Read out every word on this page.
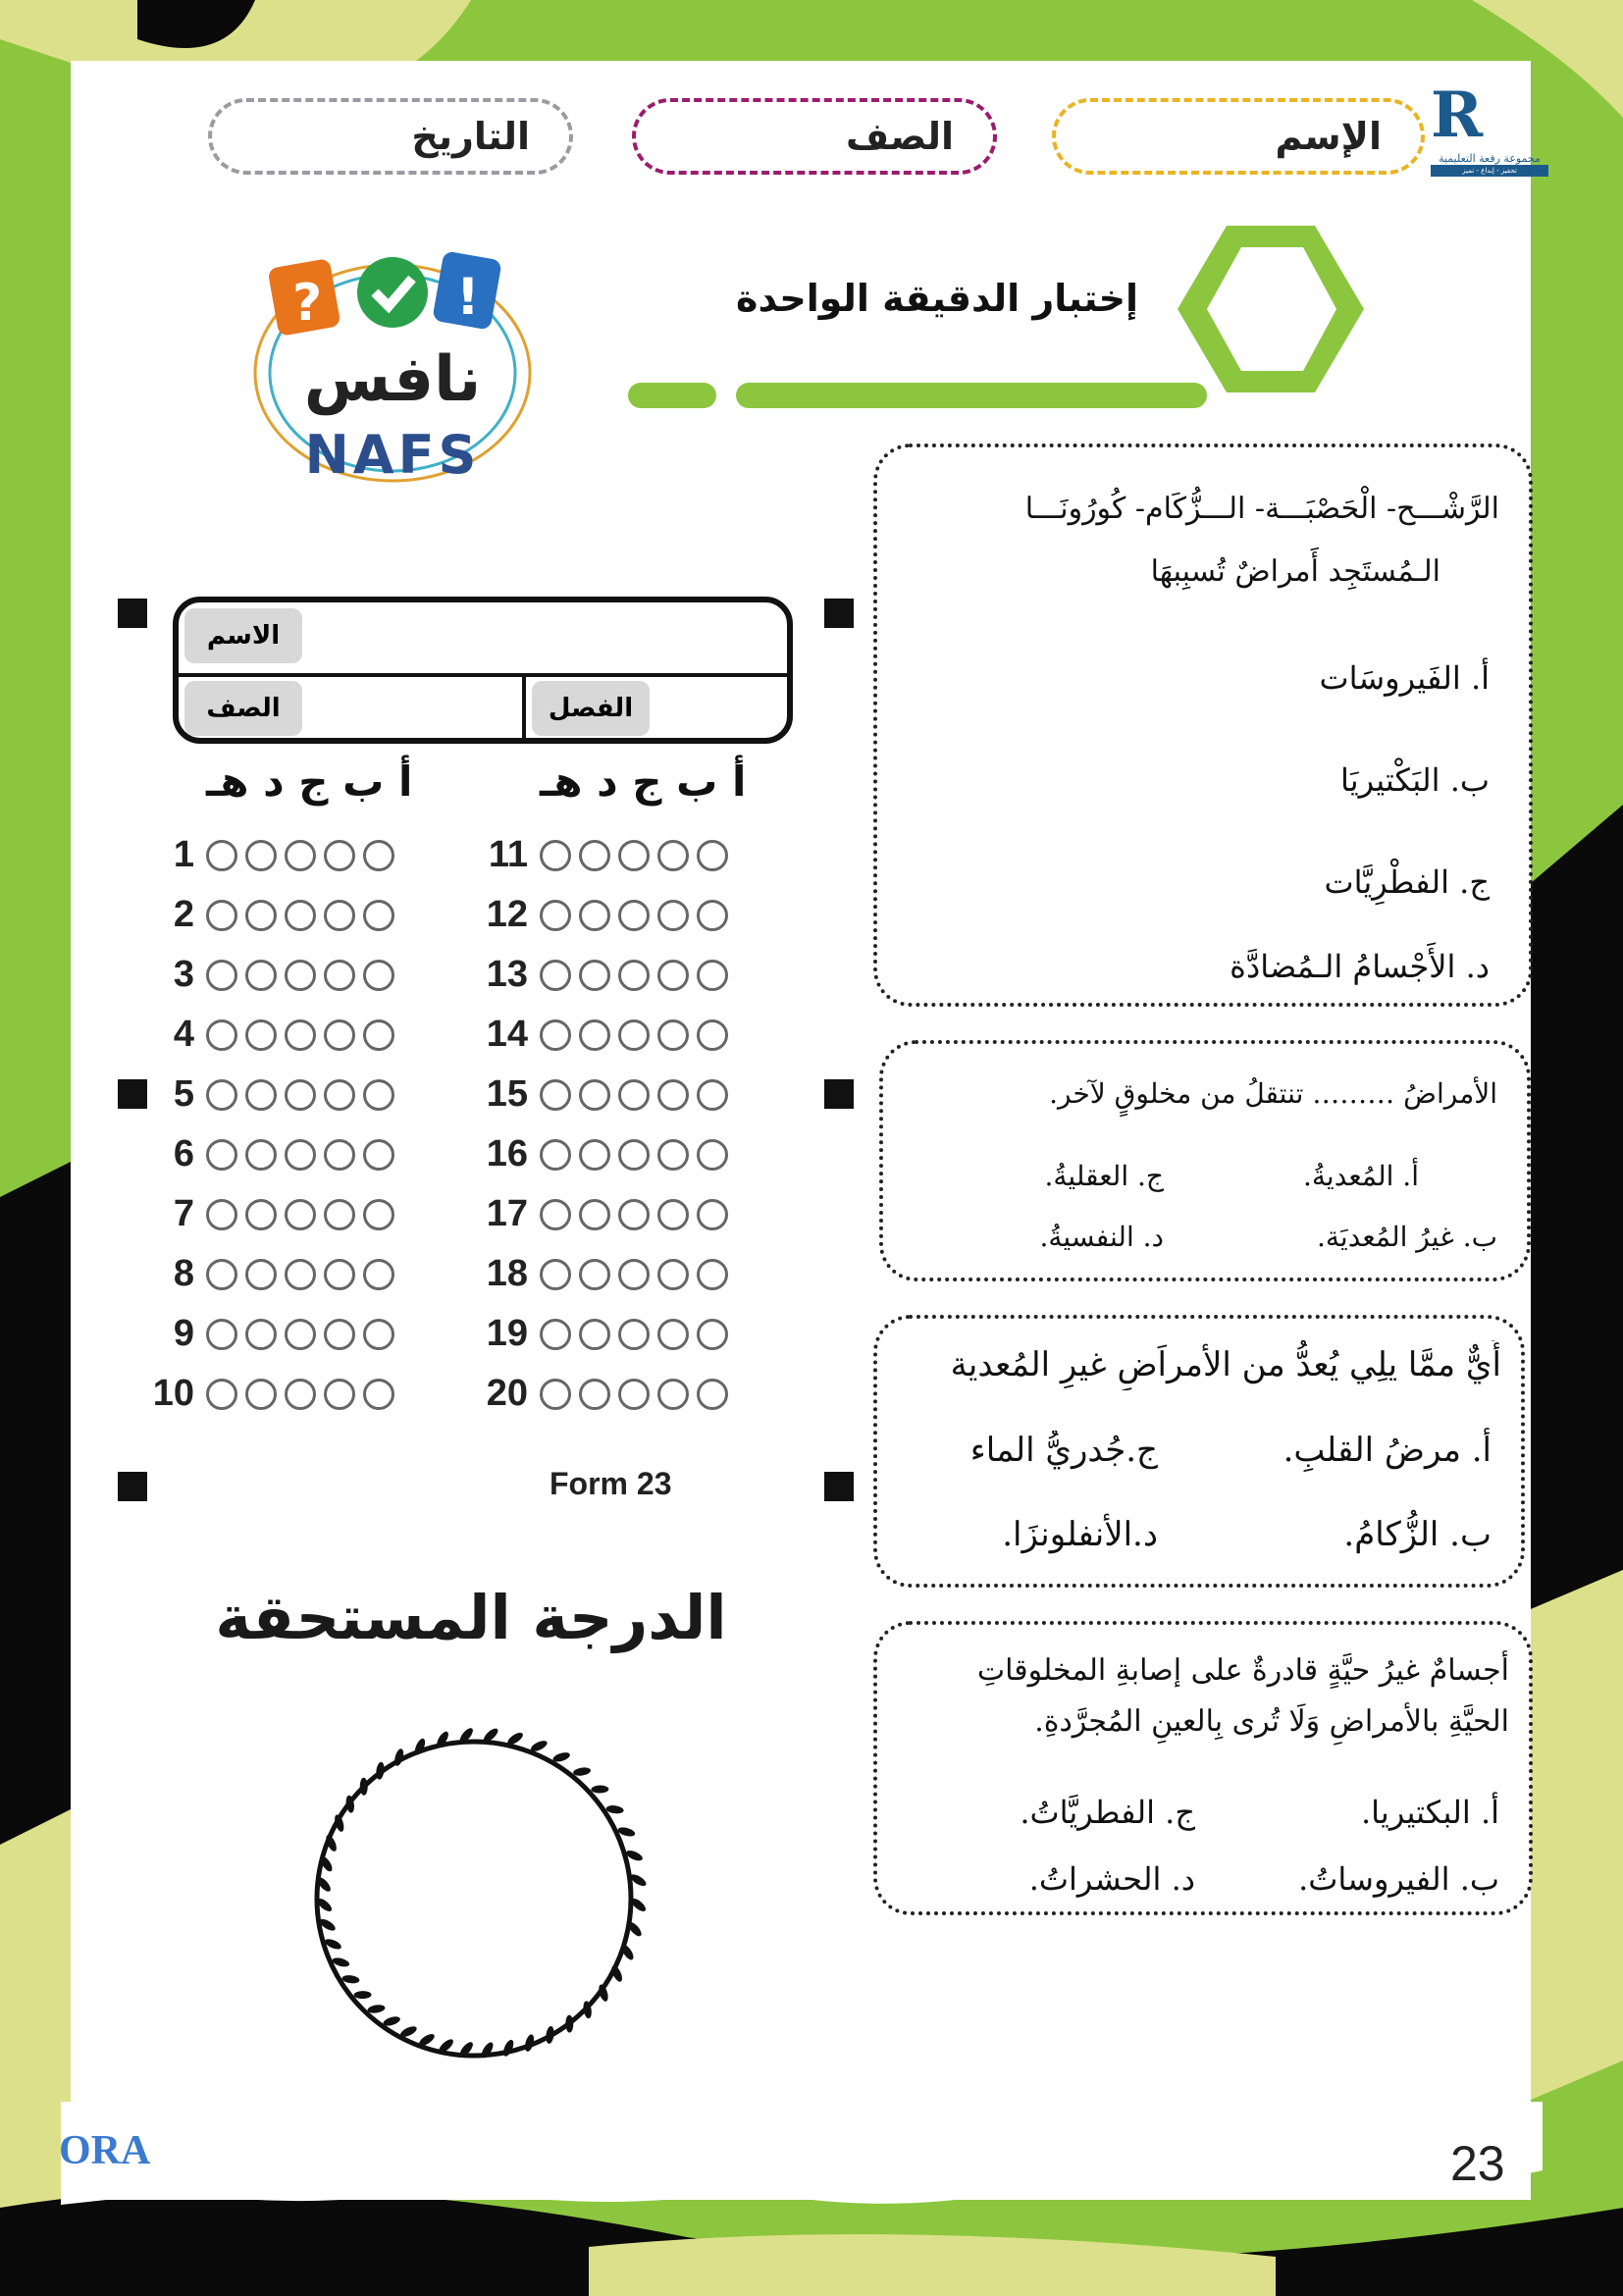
الإسم
الصف
التاريخ	R
مجموعة رفعة التعليمية
تحفيز - إبداع - تميز
?	!
نافس
NAFS
إختبار الدقيقة الواحدة
الرَّشْـــح- الْحَصْبَـــة- الـــزُّكَام- كُورُونَـــا
الـمُستَجِد أَمراضٌ تُسبِبهَا
أ. الفَيروسَات
ب. البَكْتيريَا
ج. الفطْرِيَّات
د. الأَجْسامُ الـمُضادَّة
الأمراضُ ……… تنتقلُ من مخلوقٍ لآخر.
أ. المُعديةُ.
ج. العقليةُ.
ب. غيرُ المُعديَة.
د. النفسيةُ.
أَيٌّ ممَّا يلِي يُعدُّ من الأمراَضِ غيرِ المُعدية
أ. مرضُ القلبِ.
ج.جُدريُّ الماء
ب. الزُّكامُ.
د.الأنفلونزَا.
أجسامٌ غيرُ حيَّةٍ قادرةٌ على إصابةِ المخلوقاتِ
الحيَّةِ بالأمراضِ وَلَا تُرى بِالعينِ المُجرَّدةِ.
أ. البكتيريا.
ج. الفطريَّاتُ.
ب. الفيروساتُ.
د. الحشراتُ.
الاسم
الصف	الفصل
أ ب ج د هـ	أ ب ج د هـ
1
2
3
4
5
6
7
8
9
10
11
12
13
14
15
16
17
18
19
20
Form 23
الدرجة المستحقة
ORA	23
